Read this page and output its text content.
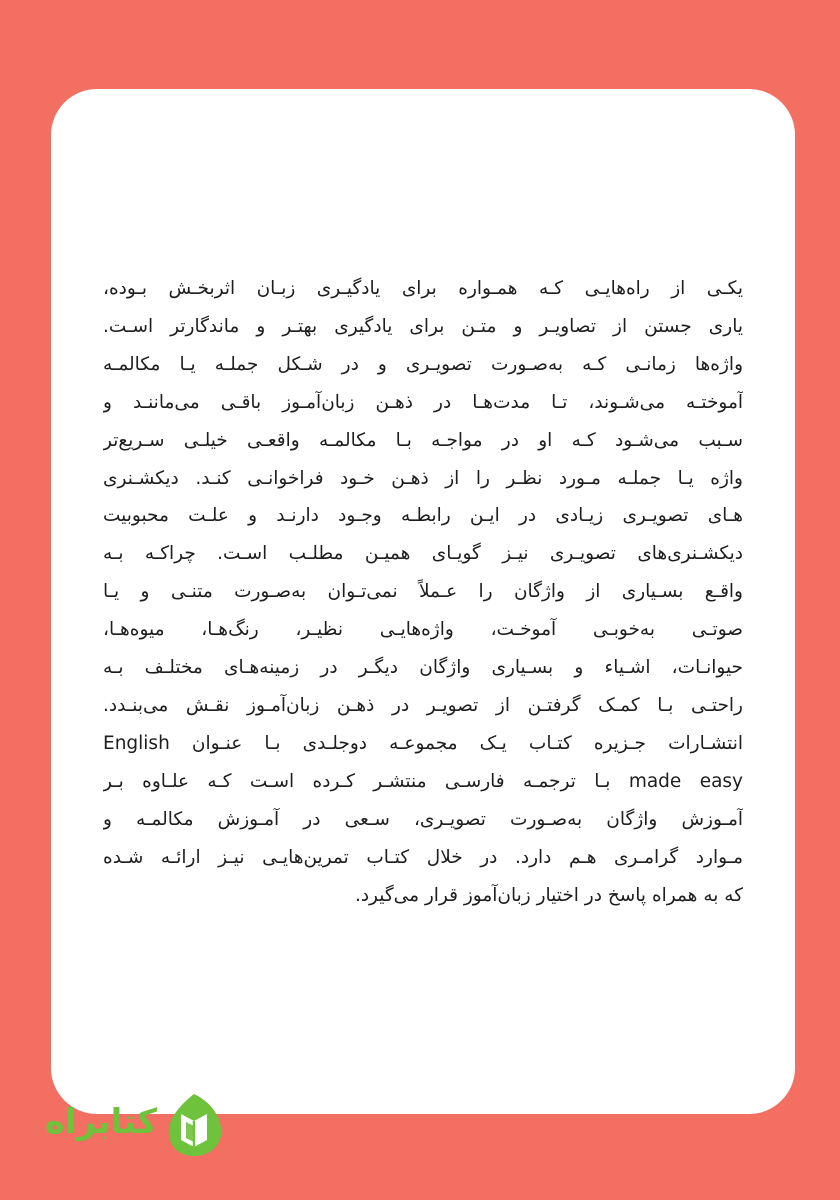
یکـی از راه‌هایـی کـه همـواره برای یادگیـری زبـان اثربخـش بـوده،
یاری جستن از تصاویـر و متـن برای یادگیری بهتـر و ماندگارتر اسـت.
واژه‌ها زمانـی کـه به‌صـورت تصویـری و در شـکل جملـه یـا مکالمـه
آموختـه می‌شـوند، تـا مدت‌هـا در ذهـن زبان‌آمـوز باقـی می‌ماننـد و
سـبب می‌شـود کـه او در مواجـه بـا مکالمـه واقعـی خیلـی سـریع‌تر
واژه یـا جملـه مـورد نظـر را از ذهـن خـود فراخوانـی کنـد. دیکشـنری
هـای تصویـری زیـادی در ایـن رابطـه وجـود دارنـد و علـت محبوبیت
دیکشـنری‌های تصویـری نیـز گویـای همیـن مطلـب اسـت. چراکـه بـه
واقـع بسـیاری از واژگان را عـملاً نمی‌تـوان به‌صـورت متنـی و یـا
صوتـی به‌خوبـی آموخـت، واژه‌هایـی نظیـر، رنگ‌هـا، میوه‌هـا،
حیوانـات، اشـیاء و بسـیاری واژگان دیگـر در زمینه‌هـای مختلـف بـه
راحتـی بـا کمـک گرفتـن از تصویـر در ذهـن زبان‌آمـوز نقـش می‌بنـدد.
انتشـارات جـزیره کتـاب یـک مجموعـه دوجلـدی بـا عنـوان English
made easy بـا ترجمـه فارسـی منتشـر کـرده اسـت کـه علـاوه بـر
آمـوزش واژگان به‌صـورت تصویـری، سـعی در آمـوزش مکالمـه و
مـوارد گرامـری هـم دارد. در خلال کتـاب تمرین‌هایـی نیـز ارائـه شـده
که به همراه پاسخ در اختیار زبان‌آموز قرار می‌گیرد.
کتابراه
